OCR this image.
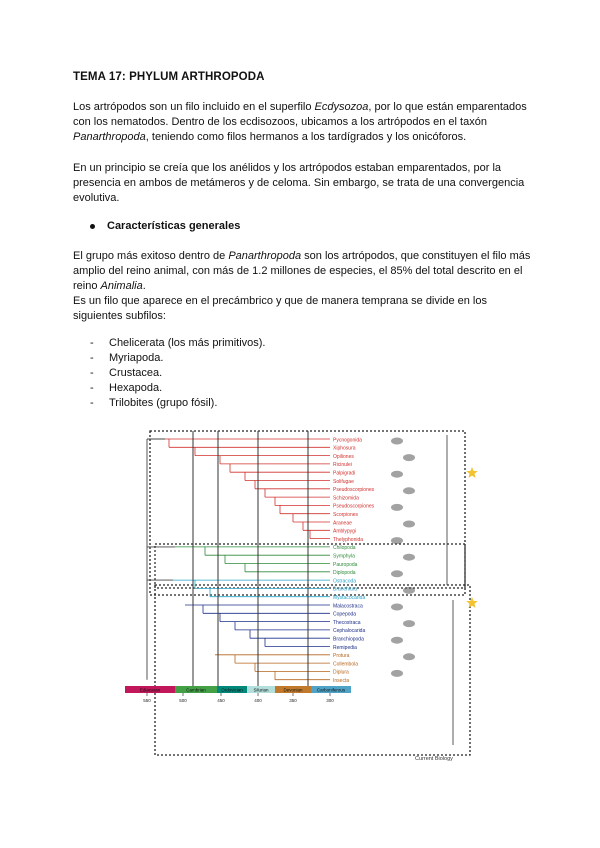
TEMA 17: PHYLUM ARTHROPODA
Los artrópodos son un filo incluido en el superfilo Ecdysozoa, por lo que están emparentados con los nematodos. Dentro de los ecdisozoos, ubicamos a los artrópodos en el taxón Panarthropoda, teniendo como filos hermanos a los tardígrados y los onicóforos.
En un principio se creía que los anélidos y los artrópodos estaban emparentados, por la presencia en ambos de metámeros y de celoma. Sin embargo, se trata de una convergencia evolutiva.
Características generales
El grupo más exitoso dentro de Panarthropoda son los artrópodos, que constituyen el filo más amplio del reino animal, con más de 1.2 millones de especies, el 85% del total descrito en el reino Animalia.
Es un filo que aparece en el precámbrico y que de manera temprana se divide en los siguientes subfilos:
- Chelicerata (los más primitivos).
- Myriapoda.
- Crustacea.
- Hexapoda.
- Trilobites (grupo fósil).
Pycnogonida
Xiphosura
Opiliones
Ricinulei
Palpigradi
Solifugae
Pseudoscorpiones
Schizomida
Pseudoscorpiones
Scorpiones
Araneae
Amblypygi
Thelyphonida
Chilopoda
Symphyla
Pauropoda
Diplopoda
Ostracoda
Branchiura
Mystacocarida
Malacostraca
Copepoda
Thecostraca
Cephalocarida
Branchiopoda
Remipedia
Protura
Collembola
Diplura
Insecta
Ediacaran	Cambrian	Ordovician Silurian	Devonian	Carboniferous
550	500	450	400	350	300
Current Biology
